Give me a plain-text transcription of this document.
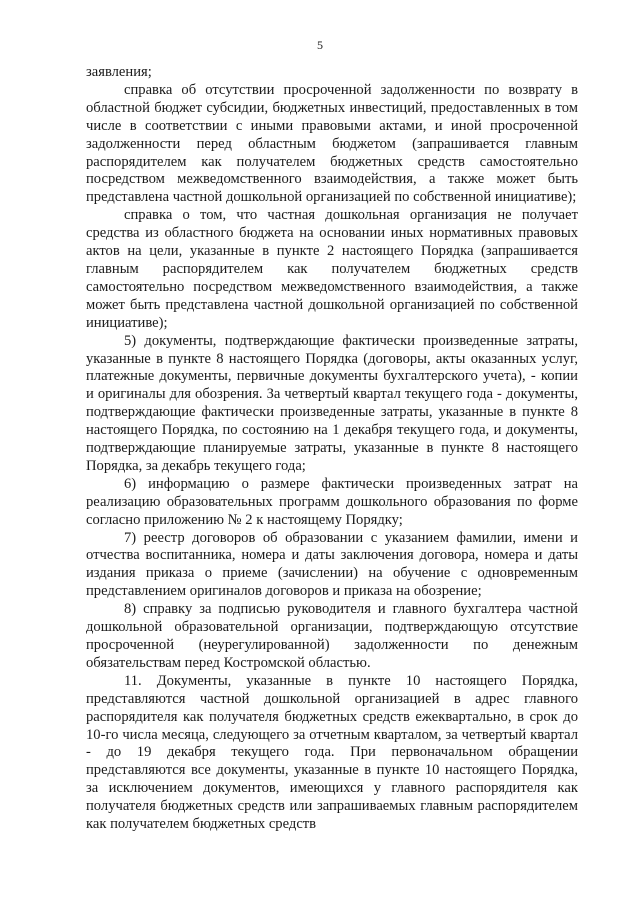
5

заявления;

справка об отсутствии просроченной задолженности по возврату в областной бюджет субсидии, бюджетных инвестиций, предоставленных в том числе в соответствии с иными правовыми актами, и иной просроченной задолженности перед областным бюджетом (запрашивается главным распорядителем как получателем бюджетных средств самостоятельно посредством межведомственного взаимодействия, а также может быть представлена частной дошкольной организацией по собственной инициативе);

справка о том, что частная дошкольная организация не получает средства из областного бюджета на основании иных нормативных правовых актов на цели, указанные в пункте 2 настоящего Порядка (запрашивается главным распорядителем как получателем бюджетных средств самостоятельно посредством межведомственного взаимодействия, а также может быть представлена частной дошкольной организацией по собственной инициативе);

5) документы, подтверждающие фактически произведенные затраты, указанные в пункте 8 настоящего Порядка (договоры, акты оказанных услуг, платежные документы, первичные документы бухгалтерского учета), - копии и оригиналы для обозрения. За четвертый квартал текущего года - документы, подтверждающие фактически произведенные затраты, указанные в пункте 8 настоящего Порядка, по состоянию на 1 декабря текущего года, и документы, подтверждающие планируемые затраты, указанные в пункте 8 настоящего Порядка, за декабрь текущего года;

6) информацию о размере фактически произведенных затрат на реализацию образовательных программ дошкольного образования по форме согласно приложению № 2 к настоящему Порядку;

7) реестр договоров об образовании с указанием фамилии, имени и отчества воспитанника, номера и даты заключения договора, номера и даты издания приказа о приеме (зачислении) на обучение с одновременным представлением оригиналов договоров и приказа на обозрение;

8) справку за подписью руководителя и главного бухгалтера частной дошкольной образовательной организации, подтверждающую отсутствие просроченной (неурегулированной) задолженности по денежным обязательствам перед Костромской областью.

11. Документы, указанные в пункте 10 настоящего Порядка, представляются частной дошкольной организацией в адрес главного распорядителя как получателя бюджетных средств ежеквартально, в срок до 10-го числа месяца, следующего за отчетным кварталом, за четвертый квартал - до 19 декабря текущего года. При первоначальном обращении представляются все документы, указанные в пункте 10 настоящего Порядка, за исключением документов, имеющихся у главного распорядителя как получателя бюджетных средств или запрашиваемых главным распорядителем как получателем бюджетных средств
